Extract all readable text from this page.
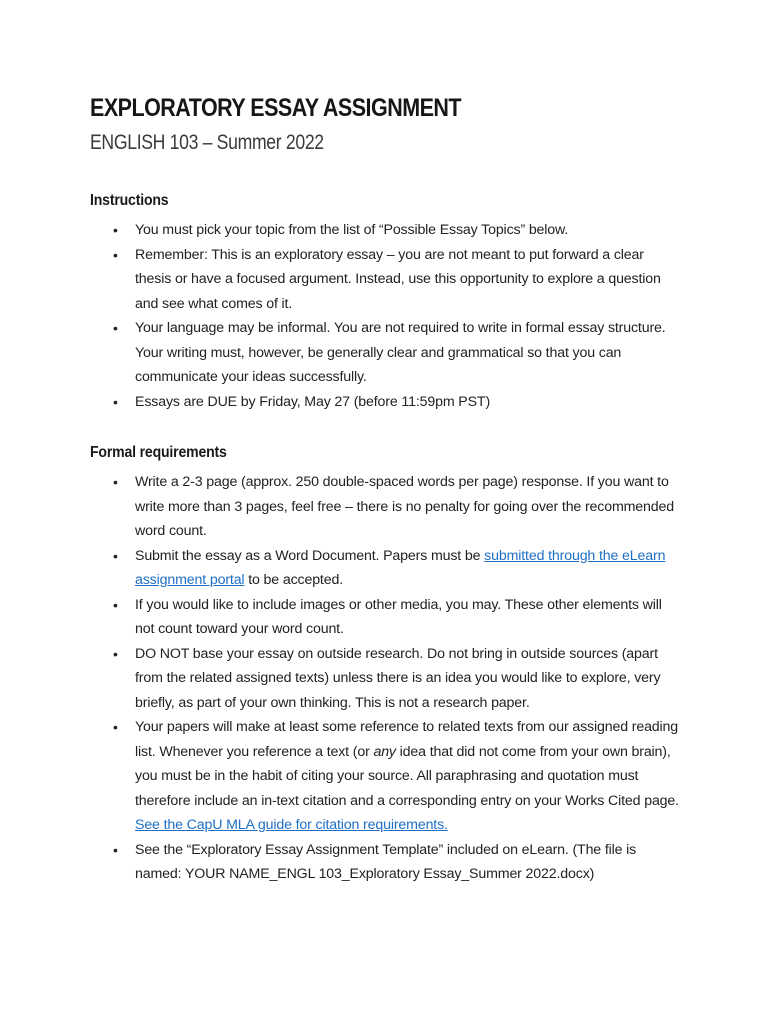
EXPLORATORY ESSAY ASSIGNMENT
ENGLISH 103 – Summer 2022
Instructions
• You must pick your topic from the list of “Possible Essay Topics” below.
• Remember: This is an exploratory essay – you are not meant to put forward a clear thesis or have a focused argument. Instead, use this opportunity to explore a question and see what comes of it.
• Your language may be informal. You are not required to write in formal essay structure. Your writing must, however, be generally clear and grammatical so that you can communicate your ideas successfully.
• Essays are DUE by Friday, May 27 (before 11:59pm PST)
Formal requirements
• Write a 2-3 page (approx. 250 double-spaced words per page) response. If you want to write more than 3 pages, feel free – there is no penalty for going over the recommended word count.
• Submit the essay as a Word Document. Papers must be submitted through the eLearn assignment portal to be accepted.
• If you would like to include images or other media, you may. These other elements will not count toward your word count.
• DO NOT base your essay on outside research. Do not bring in outside sources (apart from the related assigned texts) unless there is an idea you would like to explore, very briefly, as part of your own thinking. This is not a research paper.
• Your papers will make at least some reference to related texts from our assigned reading list. Whenever you reference a text (or any idea that did not come from your own brain), you must be in the habit of citing your source. All paraphrasing and quotation must therefore include an in-text citation and a corresponding entry on your Works Cited page. See the CapU MLA guide for citation requirements.
• See the “Exploratory Essay Assignment Template” included on eLearn. (The file is named: YOUR NAME_ENGL 103_Exploratory Essay_Summer 2022.docx)
